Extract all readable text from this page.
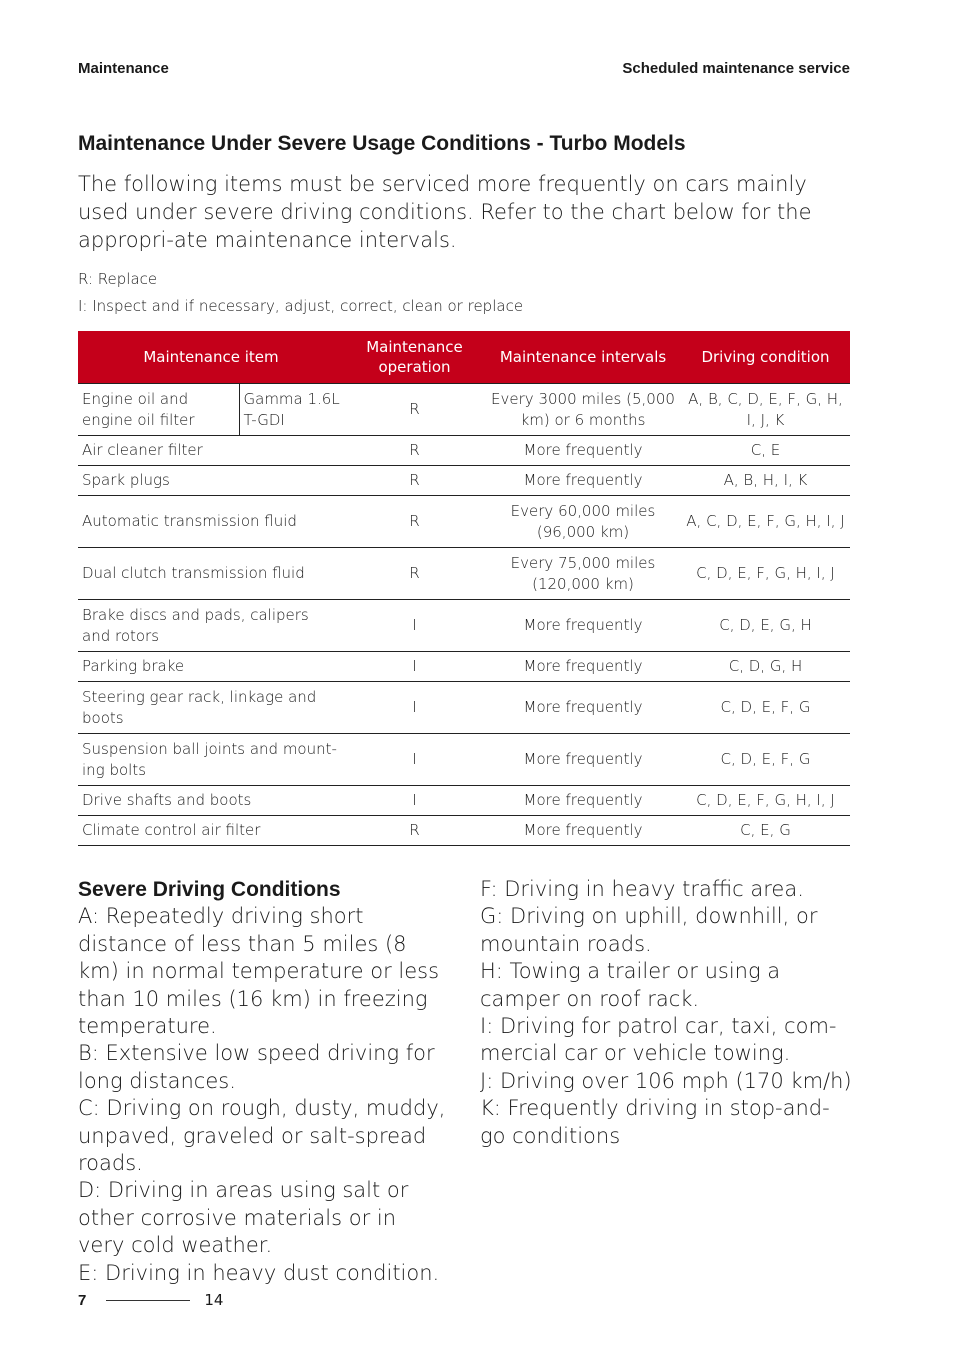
Maintenance	Scheduled maintenance service
Maintenance Under Severe Usage Conditions - Turbo Models
The following items must be serviced more frequently on cars mainly used under severe driving conditions. Refer to the chart below for the appropri-ate maintenance intervals.
R: Replace
I: Inspect and if necessary, adjust, correct, clean or replace
Maintenance item		Maintenance operation	Maintenance intervals	Driving condition
Engine oil and engine oil filter	Gamma 1.6L T-GDI	R	Every 3000 miles (5,000 km) or 6 months	A, B, C, D, E, F, G, H, I, J, K
Air cleaner filter		R	More frequently	C, E
Spark plugs		R	More frequently	A, B, H, I, K
Automatic transmission fluid		R	Every 60,000 miles (96,000 km)	A, C, D, E, F, G, H, I, J
Dual clutch transmission fluid		R	Every 75,000 miles (120,000 km)	C, D, E, F, G, H, I, J
Brake discs and pads, calipers and rotors		I	More frequently	C, D, E, G, H
Parking brake		I	More frequently	C, D, G, H
Steering gear rack, linkage and boots		I	More frequently	C, D, E, F, G
Suspension ball joints and mount-ing bolts		I	More frequently	C, D, E, F, G
Drive shafts and boots		I	More frequently	C, D, E, F, G, H, I, J
Climate control air filter		R	More frequently	C, E, G
Severe Driving Conditions
A: Repeatedly driving short distance of less than 5 miles (8 km) in normal temperature or less than 10 miles (16 km) in freezing temperature.
B: Extensive low speed driving for long distances.
C: Driving on rough, dusty, muddy, unpaved, graveled or salt-spread roads.
D: Driving in areas using salt or other corrosive materials or in very cold weather.
E: Driving in heavy dust condition.
F: Driving in heavy traffic area.
G: Driving on uphill, downhill, or mountain roads.
H: Towing a trailer or using a camper on roof rack.
I: Driving for patrol car, taxi, com-mercial car or vehicle towing.
J: Driving over 106 mph (170 km/h)
K: Frequently driving in stop-and-go conditions
7	14
